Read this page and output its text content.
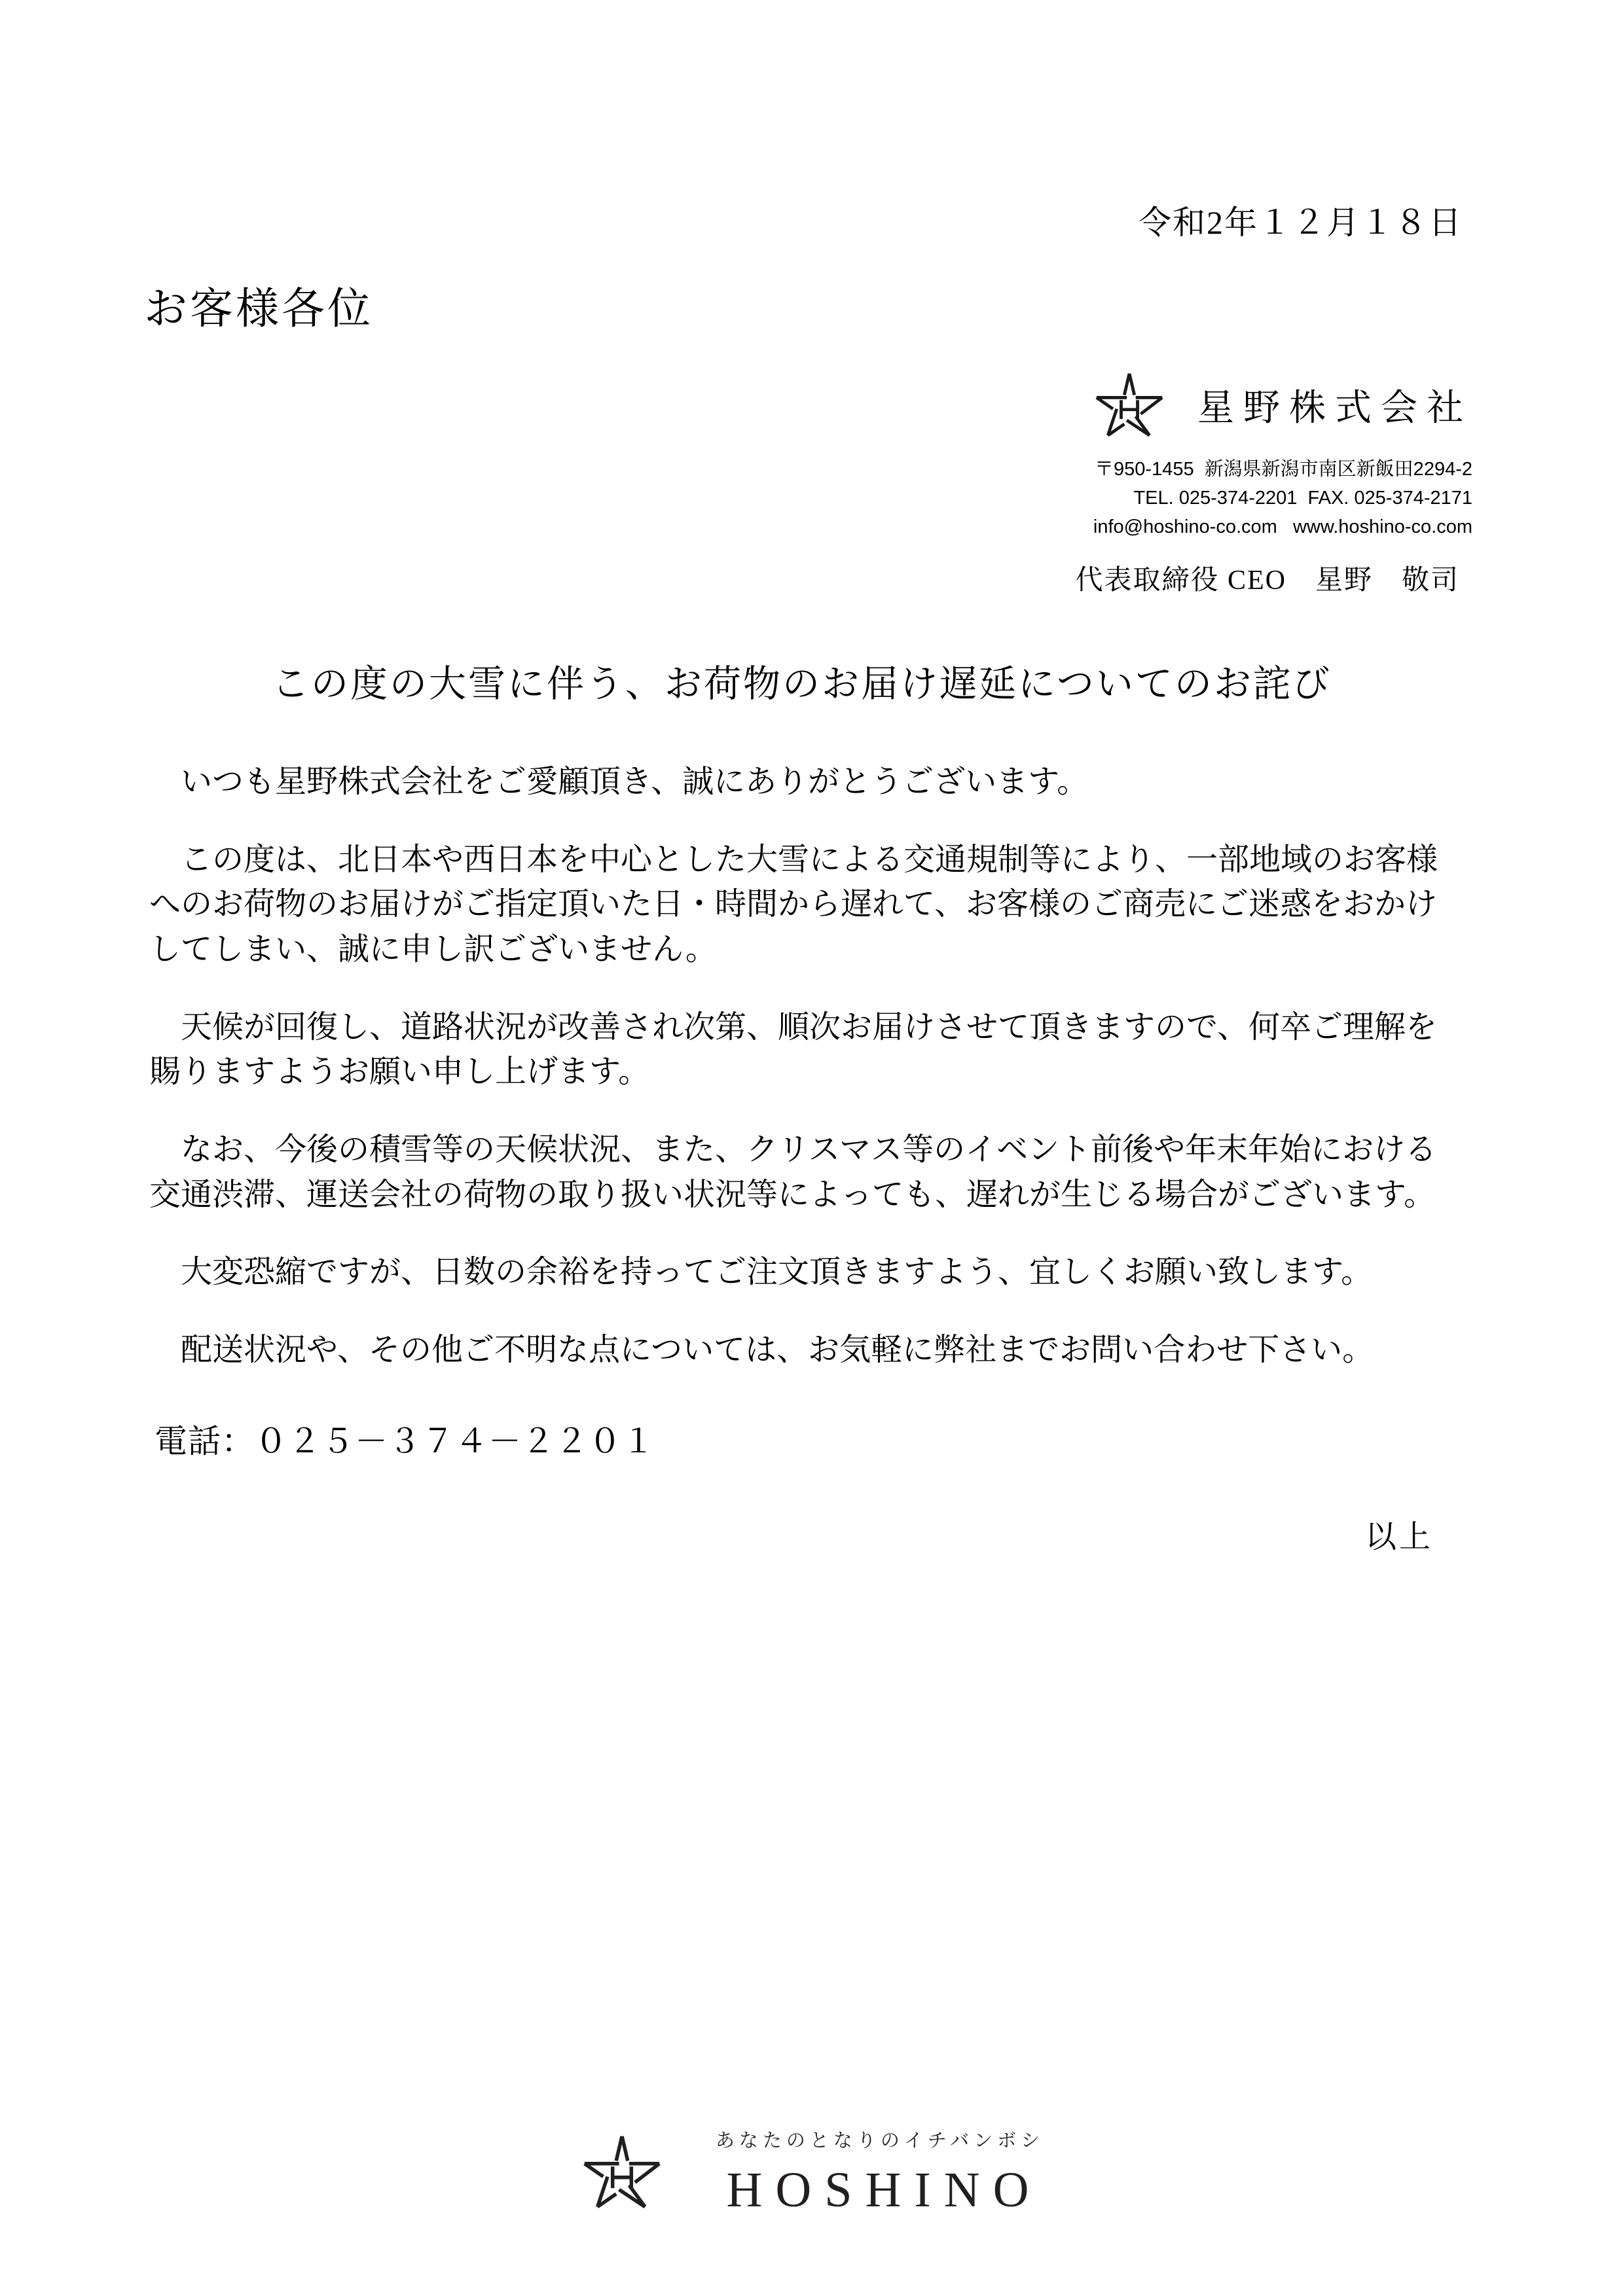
令和2年１２月１８日
お客様各位
星野株式会社
〒950-1455  新潟県新潟市南区新飯田2294-2
TEL. 025-374-2201  FAX. 025-374-2171
info@hoshino-co.com   www.hoshino-co.com
代表取締役 CEO　星野　敬司
この度の大雪に伴う、お荷物のお届け遅延についてのお詫び
いつも星野株式会社をご愛顧頂き、誠にありがとうございます。
この度は、北日本や西日本を中心とした大雪による交通規制等により、一部地域のお客様
へのお荷物のお届けがご指定頂いた日・時間から遅れて、お客様のご商売にご迷惑をおかけ
してしまい、誠に申し訳ございません。
天候が回復し、道路状況が改善され次第、順次お届けさせて頂きますので、何卒ご理解を
賜りますようお願い申し上げます。
なお、今後の積雪等の天候状況、また、クリスマス等のイベント前後や年末年始における
交通渋滞、運送会社の荷物の取り扱い状況等によっても、遅れが生じる場合がございます。
大変恐縮ですが、日数の余裕を持ってご注文頂きますよう、宜しくお願い致します。
配送状況や、その他ご不明な点については、お気軽に弊社までお問い合わせ下さい。
電話：０２５－３７４－２２０１
以上
あなたのとなりのイチバンボシ
HOSHINO
